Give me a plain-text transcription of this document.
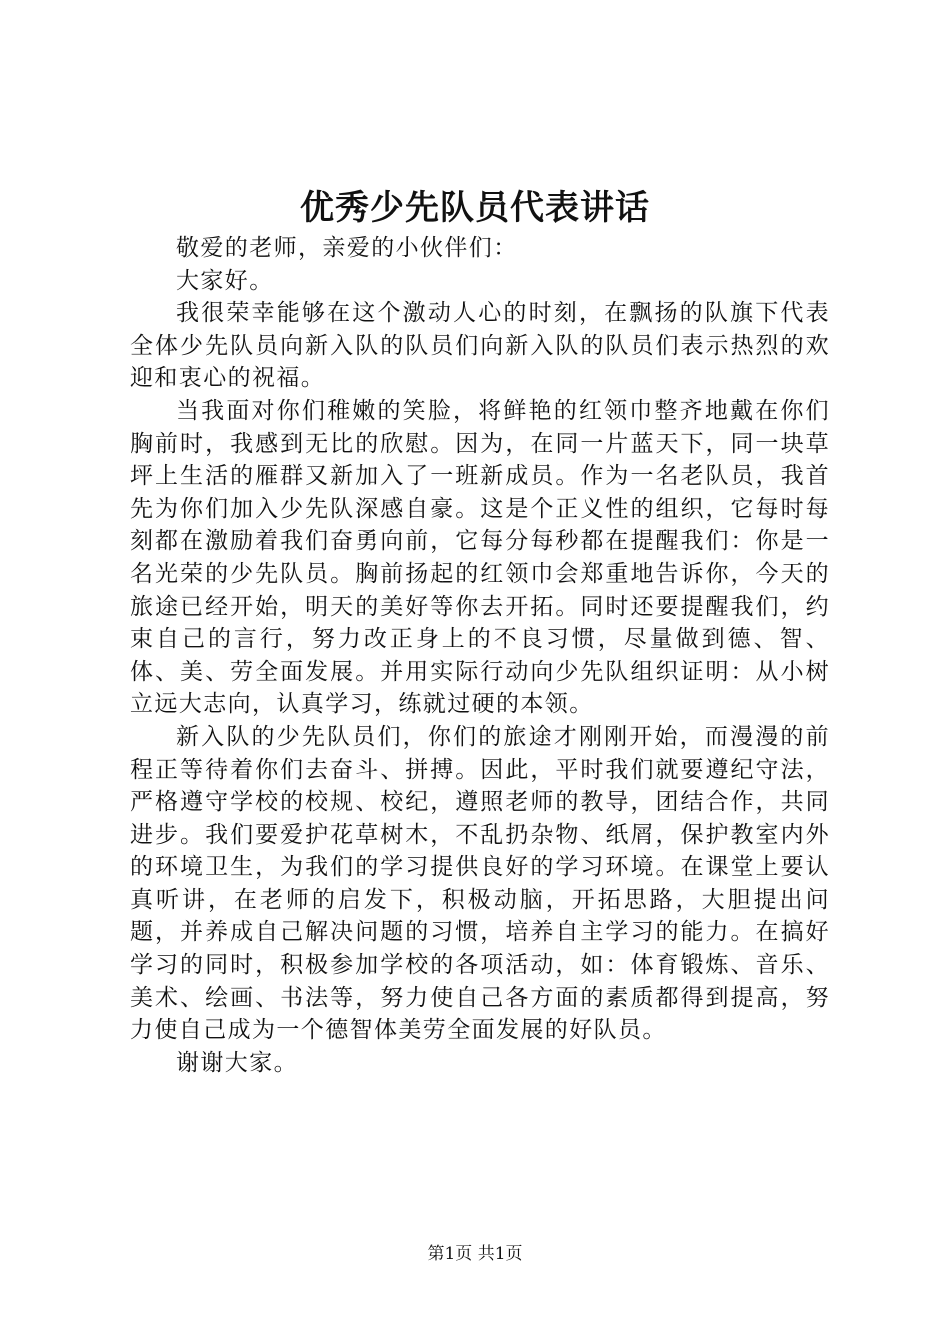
优秀少先队员代表讲话

敬爱的老师，亲爱的小伙伴们：

大家好。

我很荣幸能够在这个激动人心的时刻，在飘扬的队旗下代表全体少先队员向新入队的队员们向新入队的队员们表示热烈的欢迎和衷心的祝福。

当我面对你们稚嫩的笑脸，将鲜艳的红领巾整齐地戴在你们胸前时，我感到无比的欣慰。因为，在同一片蓝天下，同一块草坪上生活的雁群又新加入了一班新成员。作为一名老队员，我首先为你们加入少先队深感自豪。这是个正义性的组织，它每时每刻都在激励着我们奋勇向前，它每分每秒都在提醒我们：你是一名光荣的少先队员。胸前扬起的红领巾会郑重地告诉你，今天的旅途已经开始，明天的美好等你去开拓。同时还要提醒我们，约束自己的言行，努力改正身上的不良习惯，尽量做到德、智、体、美、劳全面发展。并用实际行动向少先队组织证明：从小树立远大志向，认真学习，练就过硬的本领。

新入队的少先队员们，你们的旅途才刚刚开始，而漫漫的前程正等待着你们去奋斗、拼搏。因此，平时我们就要遵纪守法，严格遵守学校的校规、校纪，遵照老师的教导，团结合作，共同进步。我们要爱护花草树木，不乱扔杂物、纸屑，保护教室内外的环境卫生，为我们的学习提供良好的学习环境。在课堂上要认真听讲，在老师的启发下，积极动脑，开拓思路，大胆提出问题，并养成自己解决问题的习惯，培养自主学习的能力。在搞好学习的同时，积极参加学校的各项活动，如：体育锻炼、音乐、美术、绘画、书法等，努力使自己各方面的素质都得到提高，努力使自己成为一个德智体美劳全面发展的好队员。

谢谢大家。

第1页 共1页
